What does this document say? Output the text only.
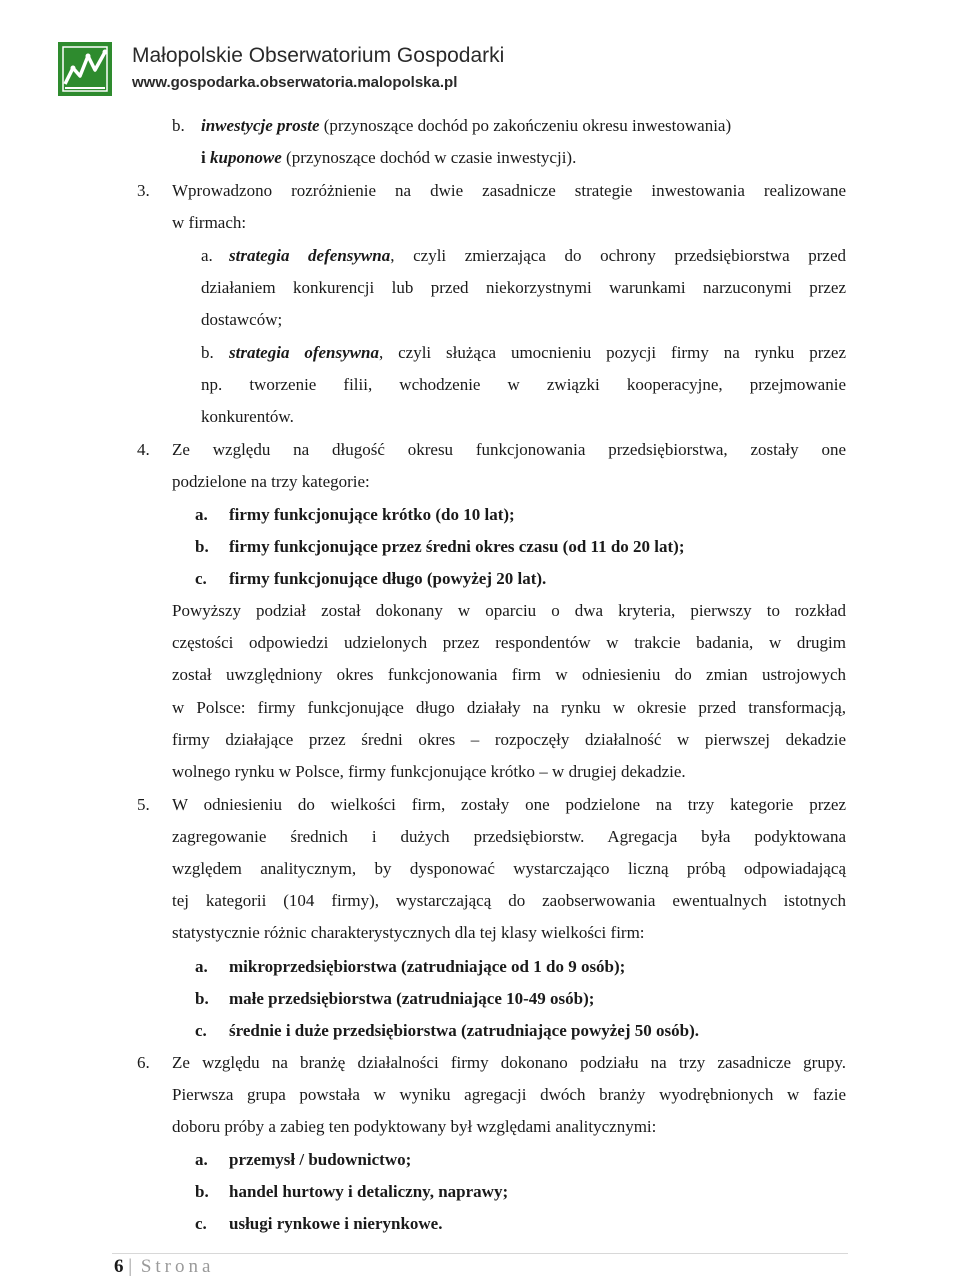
Małopolskie Obserwatorium Gospodarki
www.gospodarka.obserwatoria.malopolska.pl
b. inwestycje proste (przynoszące dochód po zakończeniu okresu inwestowania)
i kuponowe (przynoszące dochód w czasie inwestycji).
3. Wprowadzono rozróżnienie na dwie zasadnicze strategie inwestowania realizowane
w firmach:
a. strategia defensywna, czyli zmierzająca do ochrony przedsiębiorstwa przed
działaniem konkurencji lub przed niekorzystnymi warunkami narzuconymi przez
dostawców;
b. strategia ofensywna, czyli służąca umocnieniu pozycji firmy na rynku przez
np. tworzenie filii, wchodzenie w związki kooperacyjne, przejmowanie
konkurentów.
4. Ze względu na długość okresu funkcjonowania przedsiębiorstwa, zostały one
podzielone na trzy kategorie:
a. firmy funkcjonujące krótko (do 10 lat);
b. firmy funkcjonujące przez średni okres czasu (od 11 do 20 lat);
c. firmy funkcjonujące długo (powyżej 20 lat).
Powyższy podział został dokonany w oparciu o dwa kryteria, pierwszy to rozkład
częstości odpowiedzi udzielonych przez respondentów w trakcie badania, w drugim
został uwzględniony okres funkcjonowania firm w odniesieniu do zmian ustrojowych
w Polsce: firmy funkcjonujące długo działały na rynku w okresie przed transformacją,
firmy działające przez średni okres – rozpoczęły działalność w pierwszej dekadzie
wolnego rynku w Polsce, firmy funkcjonujące krótko – w drugiej dekadzie.
5. W odniesieniu do wielkości firm, zostały one podzielone na trzy kategorie przez
zagregowanie średnich i dużych przedsiębiorstw. Agregacja była podyktowana
względem analitycznym, by dysponować wystarczająco liczną próbą odpowiadającą
tej kategorii (104 firmy), wystarczającą do zaobserwowania ewentualnych istotnych
statystycznie różnic charakterystycznych dla tej klasy wielkości firm:
a. mikroprzedsiębiorstwa (zatrudniające od 1 do 9 osób);
b. małe przedsiębiorstwa (zatrudniające 10-49 osób);
c. średnie i duże przedsiębiorstwa (zatrudniające powyżej 50 osób).
6. Ze względu na branżę działalności firmy dokonano podziału na trzy zasadnicze grupy.
Pierwsza grupa powstała w wyniku agregacji dwóch branży wyodrębnionych w fazie
doboru próby a zabieg ten podyktowany był względami analitycznymi:
a. przemysł / budownictwo;
b. handel hurtowy i detaliczny, naprawy;
c. usługi rynkowe i nierynkowe.
6 | Strona
